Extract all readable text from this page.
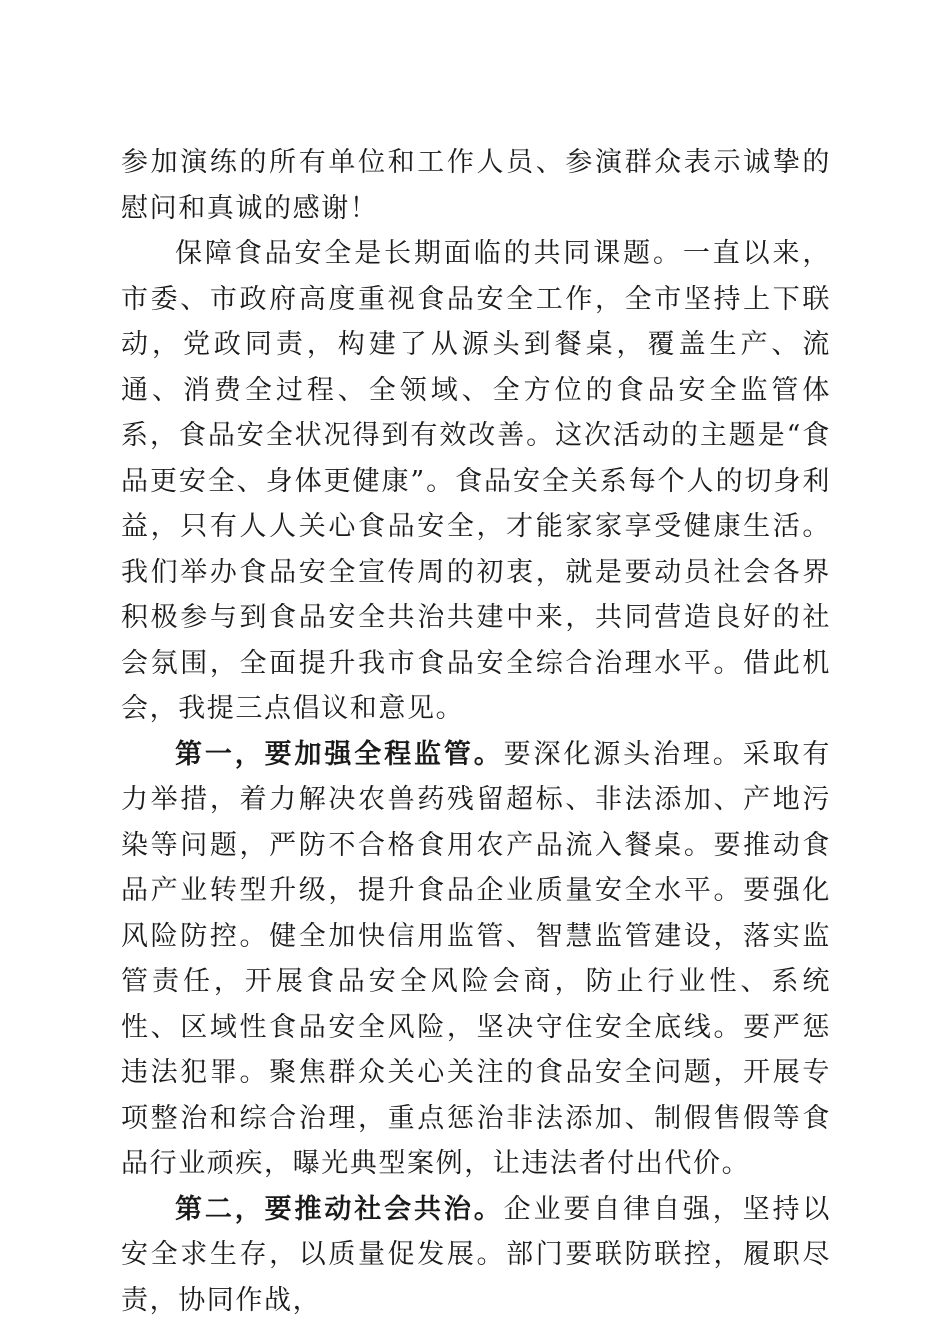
参加演练的所有单位和工作人员、参演群众表示诚挚的慰问和真诚的感谢！

保障食品安全是长期面临的共同课题。一直以来，市委、市政府高度重视食品安全工作，全市坚持上下联动，党政同责，构建了从源头到餐桌，覆盖生产、流通、消费全过程、全领域、全方位的食品安全监管体系，食品安全状况得到有效改善。这次活动的主题是“食品更安全、身体更健康”。食品安全关系每个人的切身利益，只有人人关心食品安全，才能家家享受健康生活。我们举办食品安全宣传周的初衷，就是要动员社会各界积极参与到食品安全共治共建中来，共同营造良好的社会氛围，全面提升我市食品安全综合治理水平。借此机会，我提三点倡议和意见。

第一，要加强全程监管。要深化源头治理。采取有力举措，着力解决农兽药残留超标、非法添加、产地污染等问题，严防不合格食用农产品流入餐桌。要推动食品产业转型升级，提升食品企业质量安全水平。要强化风险防控。健全加快信用监管、智慧监管建设，落实监管责任，开展食品安全风险会商，防止行业性、系统性、区域性食品安全风险，坚决守住安全底线。要严惩违法犯罪。聚焦群众关心关注的食品安全问题，开展专项整治和综合治理，重点惩治非法添加、制假售假等食品行业顽疾，曝光典型案例，让违法者付出代价。

第二，要推动社会共治。企业要自律自强，坚持以安全求生存，以质量促发展。部门要联防联控，履职尽责，协同作战，
